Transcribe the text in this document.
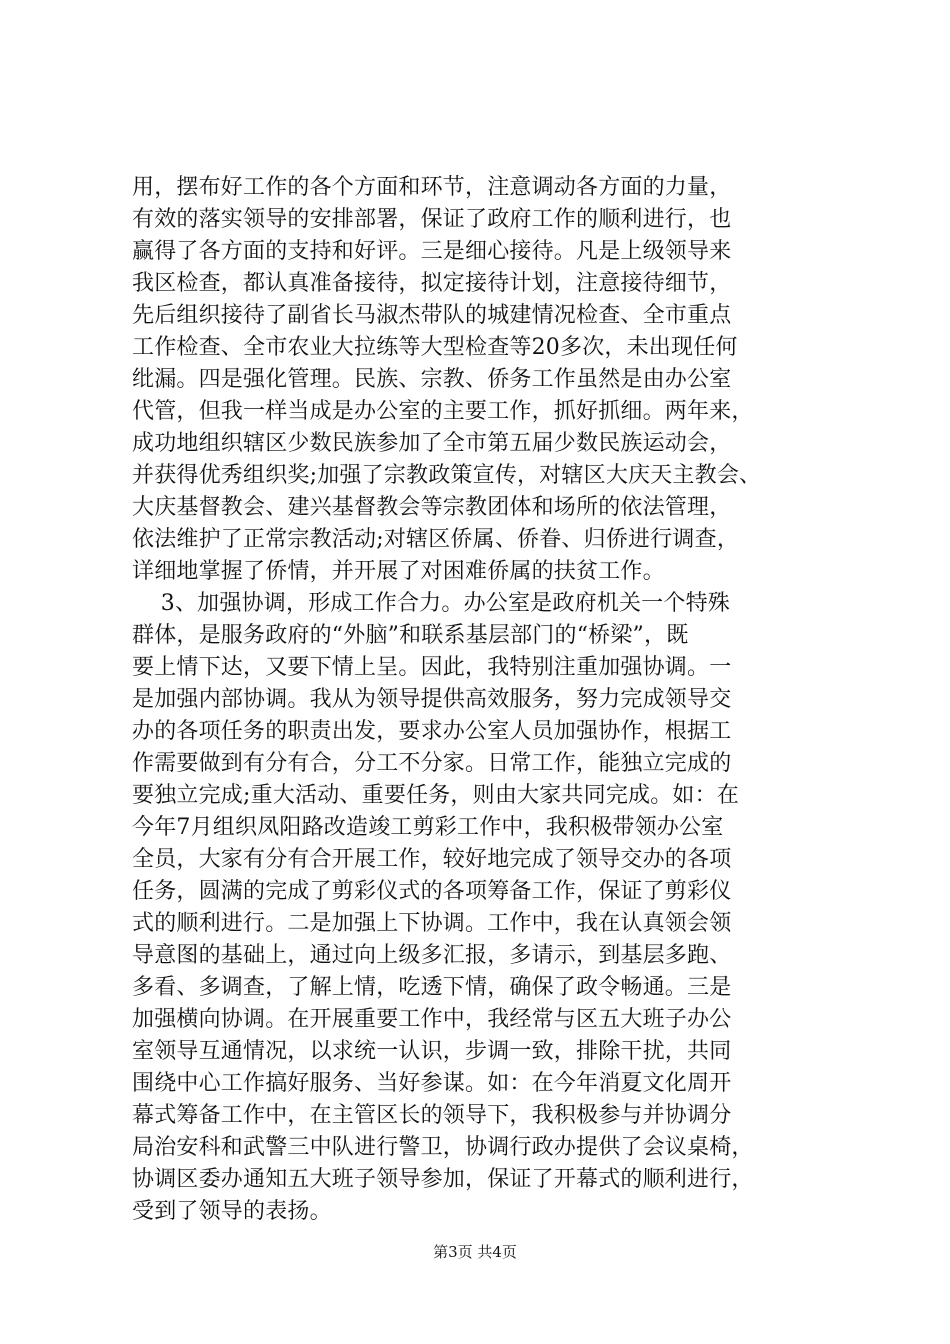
用，摆布好工作的各个方面和环节，注意调动各方面的力量，
有效的落实领导的安排部署，保证了政府工作的顺利进行，也
赢得了各方面的支持和好评。三是细心接待。凡是上级领导来
我区检查，都认真准备接待，拟定接待计划，注意接待细节，
先后组织接待了副省长马淑杰带队的城建情况检查、全市重点
工作检查、全市农业大拉练等大型检查等20多次，未出现任何
纰漏。四是强化管理。民族、宗教、侨务工作虽然是由办公室
代管，但我一样当成是办公室的主要工作，抓好抓细。两年来，
成功地组织辖区少数民族参加了全市第五届少数民族运动会，
并获得优秀组织奖;加强了宗教政策宣传，对辖区大庆天主教会、
大庆基督教会、建兴基督教会等宗教团体和场所的依法管理，
依法维护了正常宗教活动;对辖区侨属、侨眷、归侨进行调查，
详细地掌握了侨情，并开展了对困难侨属的扶贫工作。
3、加强协调，形成工作合力。办公室是政府机关一个特殊
群体，是服务政府的“外脑”和联系基层部门的“桥梁”，既
要上情下达，又要下情上呈。因此，我特别注重加强协调。一
是加强内部协调。我从为领导提供高效服务，努力完成领导交
办的各项任务的职责出发，要求办公室人员加强协作，根据工
作需要做到有分有合，分工不分家。日常工作，能独立完成的
要独立完成;重大活动、重要任务，则由大家共同完成。如：在
今年7月组织凤阳路改造竣工剪彩工作中，我积极带领办公室
全员，大家有分有合开展工作，较好地完成了领导交办的各项
任务，圆满的完成了剪彩仪式的各项筹备工作，保证了剪彩仪
式的顺利进行。二是加强上下协调。工作中，我在认真领会领
导意图的基础上，通过向上级多汇报，多请示，到基层多跑、
多看、多调查，了解上情，吃透下情，确保了政令畅通。三是
加强横向协调。在开展重要工作中，我经常与区五大班子办公
室领导互通情况，以求统一认识，步调一致，排除干扰，共同
围绕中心工作搞好服务、当好参谋。如：在今年消夏文化周开
幕式筹备工作中，在主管区长的领导下，我积极参与并协调分
局治安科和武警三中队进行警卫，协调行政办提供了会议桌椅，
协调区委办通知五大班子领导参加，保证了开幕式的顺利进行，
受到了领导的表扬。
第3页 共4页
